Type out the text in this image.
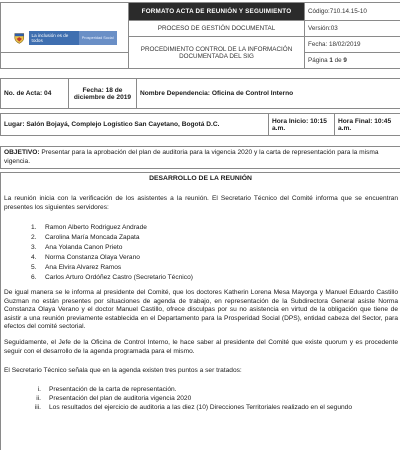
La inclusión es de todos
Prosperidad Social	FORMATO ACTA DE REUNIÓN Y SEGUIMIENTO	Código:710.14.15-10
	PROCESO DE GESTIÓN DOCUMENTAL	Versión:03
	PROCEDIMIENTO CONTROL DE LA INFORMACIÓN DOCUMENTADA DEL SIG	Fecha: 18/02/2019
		Página 1 de 9
No. de Acta: 04	Fecha: 18 de diciembre de 2019	Nombre Dependencia: Oficina de Control Interno
Lugar: Salón Bojayá, Complejo Logístico San Cayetano, Bogotá D.C.	Hora Inicio: 10:15 a.m.	Hora Final: 10:45 a.m.
OBJETIVO: Presentar para la aprobación del plan de auditoria para la vigencia 2020 y la carta de representación para la misma vigencia.
DESARROLLO DE LA REUNIÓN
La reunión inicia con la verificación de los asistentes a la reunión. El Secretario Técnico del Comité informa que se encuentran presentes los siguientes servidores:
1.	Ramon Alberto Rodriguez Andrade
2.	Carolina María Moncada Zapata
3.	Ana Yolanda Canon Prieto
4.	Norma Constanza Olaya Verano
5.	Ana Elvira Alvarez Ramos
6.	Carlos Arturo Ordóñez Castro (Secretario Técnico)
De igual manera se le informa al presidente del Comité, que los doctores Katherin Lorena Mesa Mayorga y Manuel Eduardo Castillo Guzman no están presentes por situaciones de agenda de trabajo, en representación de la Subdirectora General asiste Norma Constanza Olaya Verano y el doctor Manuel Castillo, ofrece disculpas por su no asistencia en virtud de la obligación que tiene de asistir a una reunión previamente establecida en el Departamento para la Prosperidad Social (DPS), entidad cabeza del Sector, para efectos del comité sectorial.
Seguidamente, el Jefe de la Oficina de Control Interno, le hace saber al presidente del Comité que existe quorum y es procedente seguir con el desarrollo de la agenda programada para el mismo.
El Secretario Técnico señala que en la agenda existen tres puntos a ser tratados:
i. Presentación de la carta de representación.
ii. Presentación del plan de auditoria vigencia 2020
iii. Los resultados del ejercicio de auditoria a las diez (10) Direcciones Territoriales realizado en el segundo
